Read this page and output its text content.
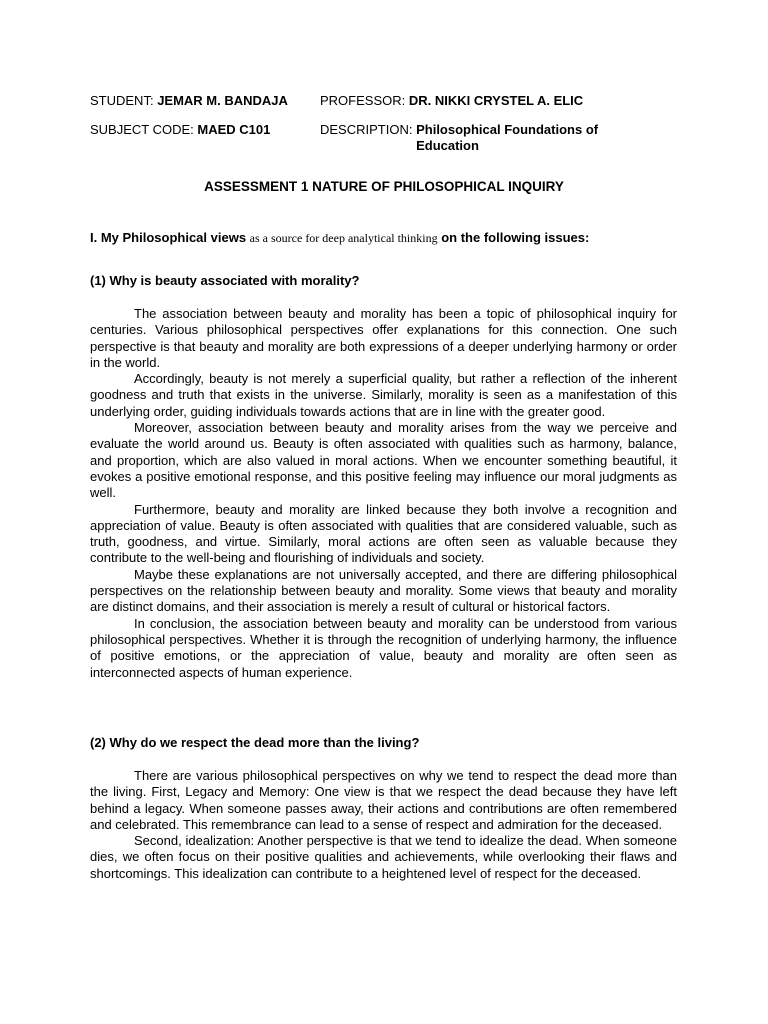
STUDENT: JEMAR M. BANDAJA PROFESSOR: DR. NIKKI CRYSTEL A. ELIC
SUBJECT CODE: MAED C101	DESCRIPTION: Philosophical Foundations of Education
ASSESSMENT 1 NATURE OF PHILOSOPHICAL INQUIRY
I. My Philosophical views as a source for deep analytical thinking on the following issues:
(1) Why is beauty associated with morality?

The association between beauty and morality has been a topic of philosophical inquiry for centuries. Various philosophical perspectives offer explanations for this connection. One such perspective is that beauty and morality are both expressions of a deeper underlying harmony or order in the world.

Accordingly, beauty is not merely a superficial quality, but rather a reflection of the inherent goodness and truth that exists in the universe. Similarly, morality is seen as a manifestation of this underlying order, guiding individuals towards actions that are in line with the greater good.

Moreover, association between beauty and morality arises from the way we perceive and evaluate the world around us. Beauty is often associated with qualities such as harmony, balance, and proportion, which are also valued in moral actions. When we encounter something beautiful, it evokes a positive emotional response, and this positive feeling may influence our moral judgments as well.

Furthermore, beauty and morality are linked because they both involve a recognition and appreciation of value. Beauty is often associated with qualities that are considered valuable, such as truth, goodness, and virtue. Similarly, moral actions are often seen as valuable because they contribute to the well-being and flourishing of individuals and society.

Maybe these explanations are not universally accepted, and there are differing philosophical perspectives on the relationship between beauty and morality. Some views that beauty and morality are distinct domains, and their association is merely a result of cultural or historical factors.

In conclusion, the association between beauty and morality can be understood from various philosophical perspectives. Whether it is through the recognition of underlying harmony, the influence of positive emotions, or the appreciation of value, beauty and morality are often seen as interconnected aspects of human experience.

(2) Why do we respect the dead more than the living?

There are various philosophical perspectives on why we tend to respect the dead more than the living. First, Legacy and Memory: One view is that we respect the dead because they have left behind a legacy. When someone passes away, their actions and contributions are often remembered and celebrated. This remembrance can lead to a sense of respect and admiration for the deceased.

Second, idealization: Another perspective is that we tend to idealize the dead. When someone dies, we often focus on their positive qualities and achievements, while overlooking their flaws and shortcomings. This idealization can contribute to a heightened level of respect for the deceased.
